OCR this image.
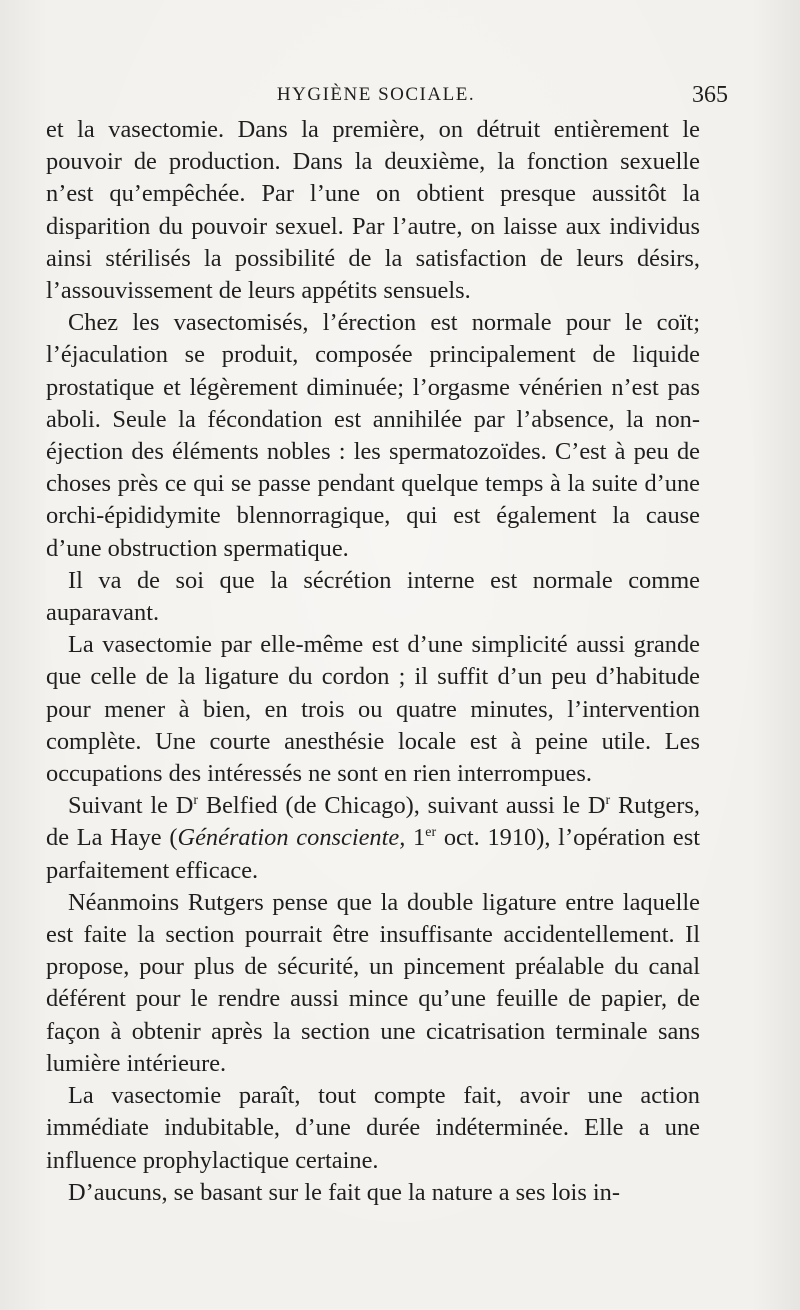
HYGIÈNE SOCIALE.	365

et la vasectomie. Dans la première, on détruit entièrement le pouvoir de production. Dans la deuxième, la fonction sexuelle n’est qu’empêchée. Par l’une on obtient presque aussitôt la disparition du pouvoir sexuel. Par l’autre, on laisse aux individus ainsi stérilisés la possibilité de la satisfaction de leurs désirs, l’assouvissement de leurs appétits sensuels.

Chez les vasectomisés, l’érection est normale pour le coït; l’éjaculation se produit, composée principalement de liquide prostatique et légèrement diminuée; l’orgasme vénérien n’est pas aboli. Seule la fécondation est annihilée par l’absence, la non-éjection des éléments nobles : les spermatozoïdes. C’est à peu de choses près ce qui se passe pendant quelque temps à la suite d’une orchi-épididymite blennorragique, qui est également la cause d’une obstruction spermatique.

Il va de soi que la sécrétion interne est normale comme auparavant.

La vasectomie par elle-même est d’une simplicité aussi grande que celle de la ligature du cordon ; il suffit d’un peu d’habitude pour mener à bien, en trois ou quatre minutes, l’intervention complète. Une courte anesthésie locale est à peine utile. Les occupations des intéressés ne sont en rien interrompues.

Suivant le $D^r$ Belfied (de Chicago), suivant aussi le $D^r$ Rutgers, de La Haye (Génération consciente, 1er oct. 1910), l’opération est parfaitement efficace.

Néanmoins Rutgers pense que la double ligature entre laquelle est faite la section pourrait être insuffisante accidentellement. Il propose, pour plus de sécurité, un pincement préalable du canal déférent pour le rendre aussi mince qu’une feuille de papier, de façon à obtenir après la section une cicatrisation terminale sans lumière intérieure.

La vasectomie paraît, tout compte fait, avoir une action immédiate indubitable, d’une durée indéterminée. Elle a une influence prophylactique certaine.

D’aucuns, se basant sur le fait que la nature a ses lois in-
